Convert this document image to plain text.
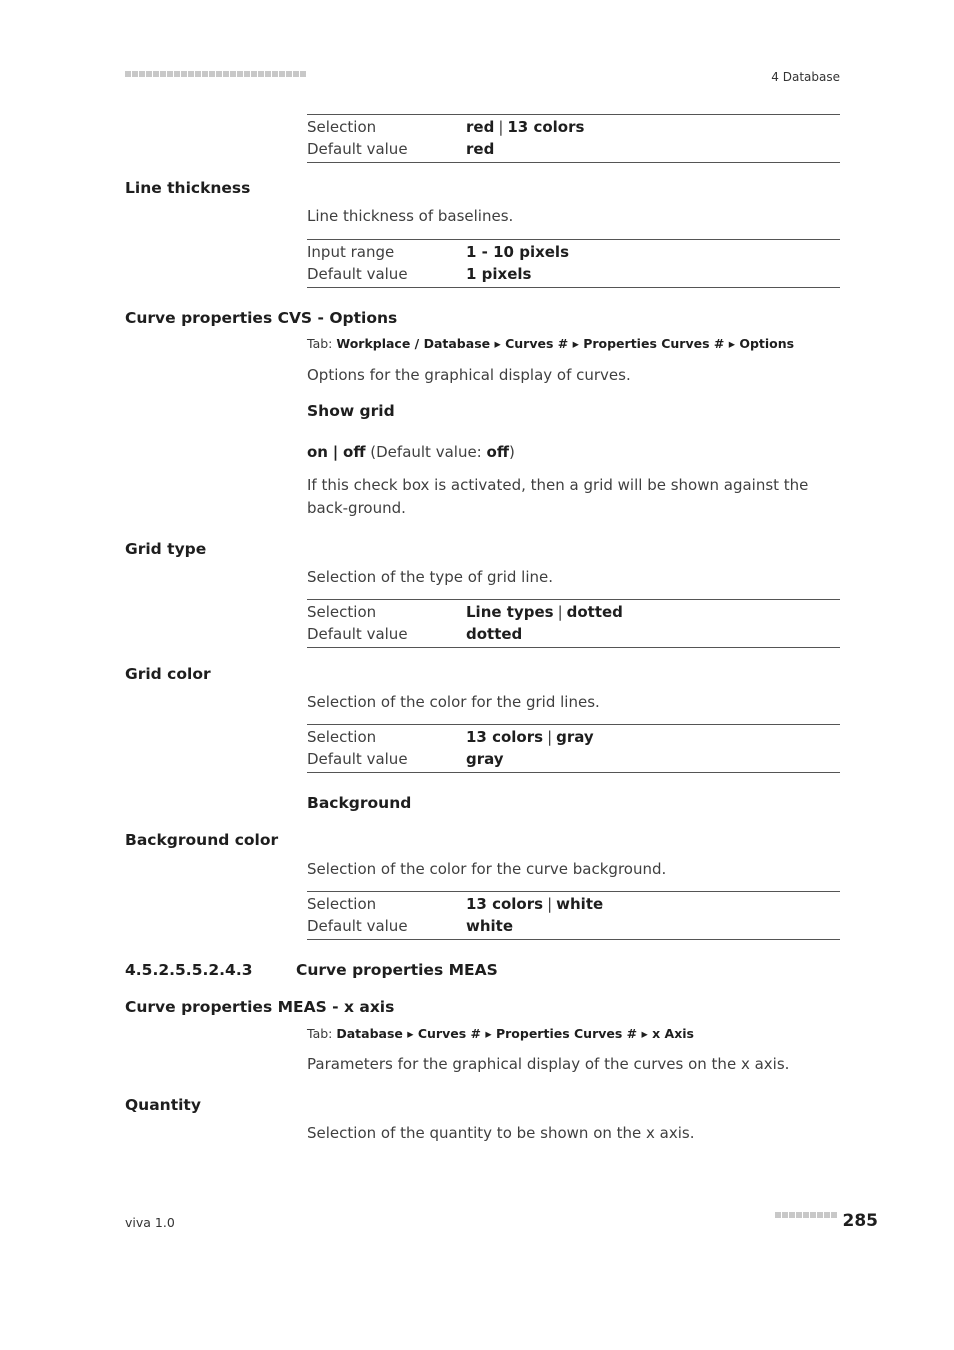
4 Database
Selection	red | 13 colors
Default value	red
Line thickness
Line thickness of baselines.
Input range	1 - 10 pixels
Default value	1 pixels
Curve properties CVS - Options
Tab: Workplace / Database ▸ Curves # ▸ Properties Curves # ▸ Options
Options for the graphical display of curves.
Show grid
on | off (Default value: off)
If this check box is activated, then a grid will be shown against the back-ground.
Grid type
Selection of the type of grid line.
Selection	Line types | dotted
Default value	dotted
Grid color
Selection of the color for the grid lines.
Selection	13 colors | gray
Default value	gray
Background
Background color
Selection of the color for the curve background.
Selection	13 colors | white
Default value	white
4.5.2.5.5.2.4.3	Curve properties MEAS
Curve properties MEAS - x axis
Tab: Database ▸ Curves # ▸ Properties Curves # ▸ x Axis
Parameters for the graphical display of the curves on the x axis.
Quantity
Selection of the quantity to be shown on the x axis.
viva 1.0	285
